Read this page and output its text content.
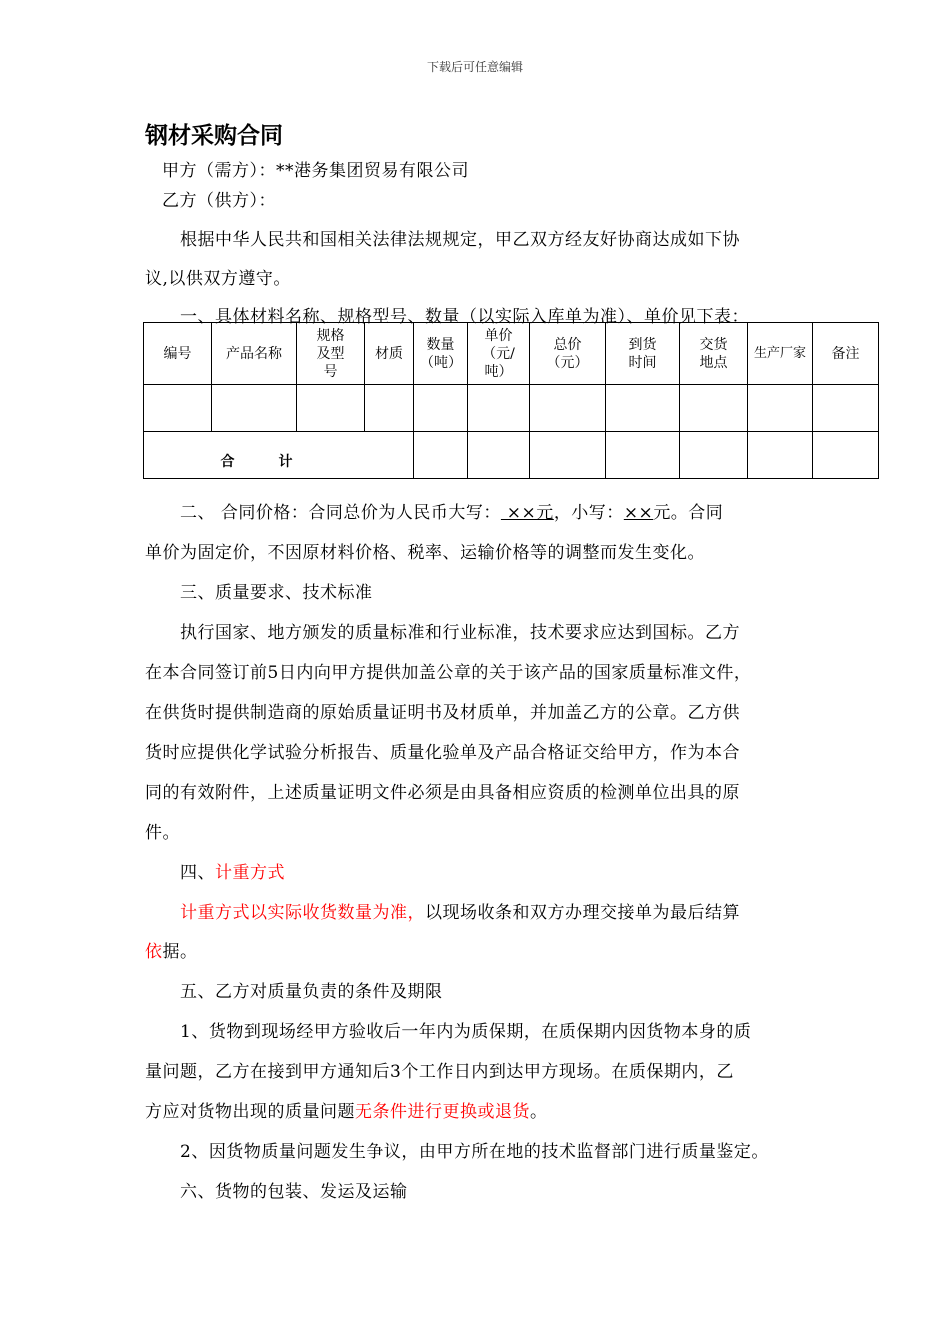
下载后可任意编辑
钢材采购合同
甲方（需方）：**港务集团贸易有限公司
乙方（供方）：
根据中华人民共和国相关法律法规规定，甲乙双方经友好协商达成如下协
议,以供双方遵守。
一、具体材料名称、规格型号、数量（以实际入库单为准）、单价见下表：
编号	产品名称	规格及型号	材质	数量（吨）	单价（元/吨）	总价（元）	到货时间	交货地点	生产厂家	备注

合计										
二、 合同价格：合同总价为人民币大写： ××元，小写：××元。合同
单价为固定价，不因原材料价格、税率、运输价格等的调整而发生变化。
三、质量要求、技术标准
执行国家、地方颁发的质量标准和行业标准，技术要求应达到国标。乙方
在本合同签订前5日内向甲方提供加盖公章的关于该产品的国家质量标准文件，
在供货时提供制造商的原始质量证明书及材质单，并加盖乙方的公章。乙方供
货时应提供化学试验分析报告、质量化验单及产品合格证交给甲方，作为本合
同的有效附件，上述质量证明文件必须是由具备相应资质的检测单位出具的原
件。
四、计重方式
计重方式以实际收货数量为准，以现场收条和双方办理交接单为最后结算
依据。
五、乙方对质量负责的条件及期限
1、货物到现场经甲方验收后一年内为质保期，在质保期内因货物本身的质
量问题，乙方在接到甲方通知后3个工作日内到达甲方现场。在质保期内，乙
方应对货物出现的质量问题无条件进行更换或退货。
2、因货物质量问题发生争议，由甲方所在地的技术监督部门进行质量鉴定。
六、货物的包装、发运及运输
